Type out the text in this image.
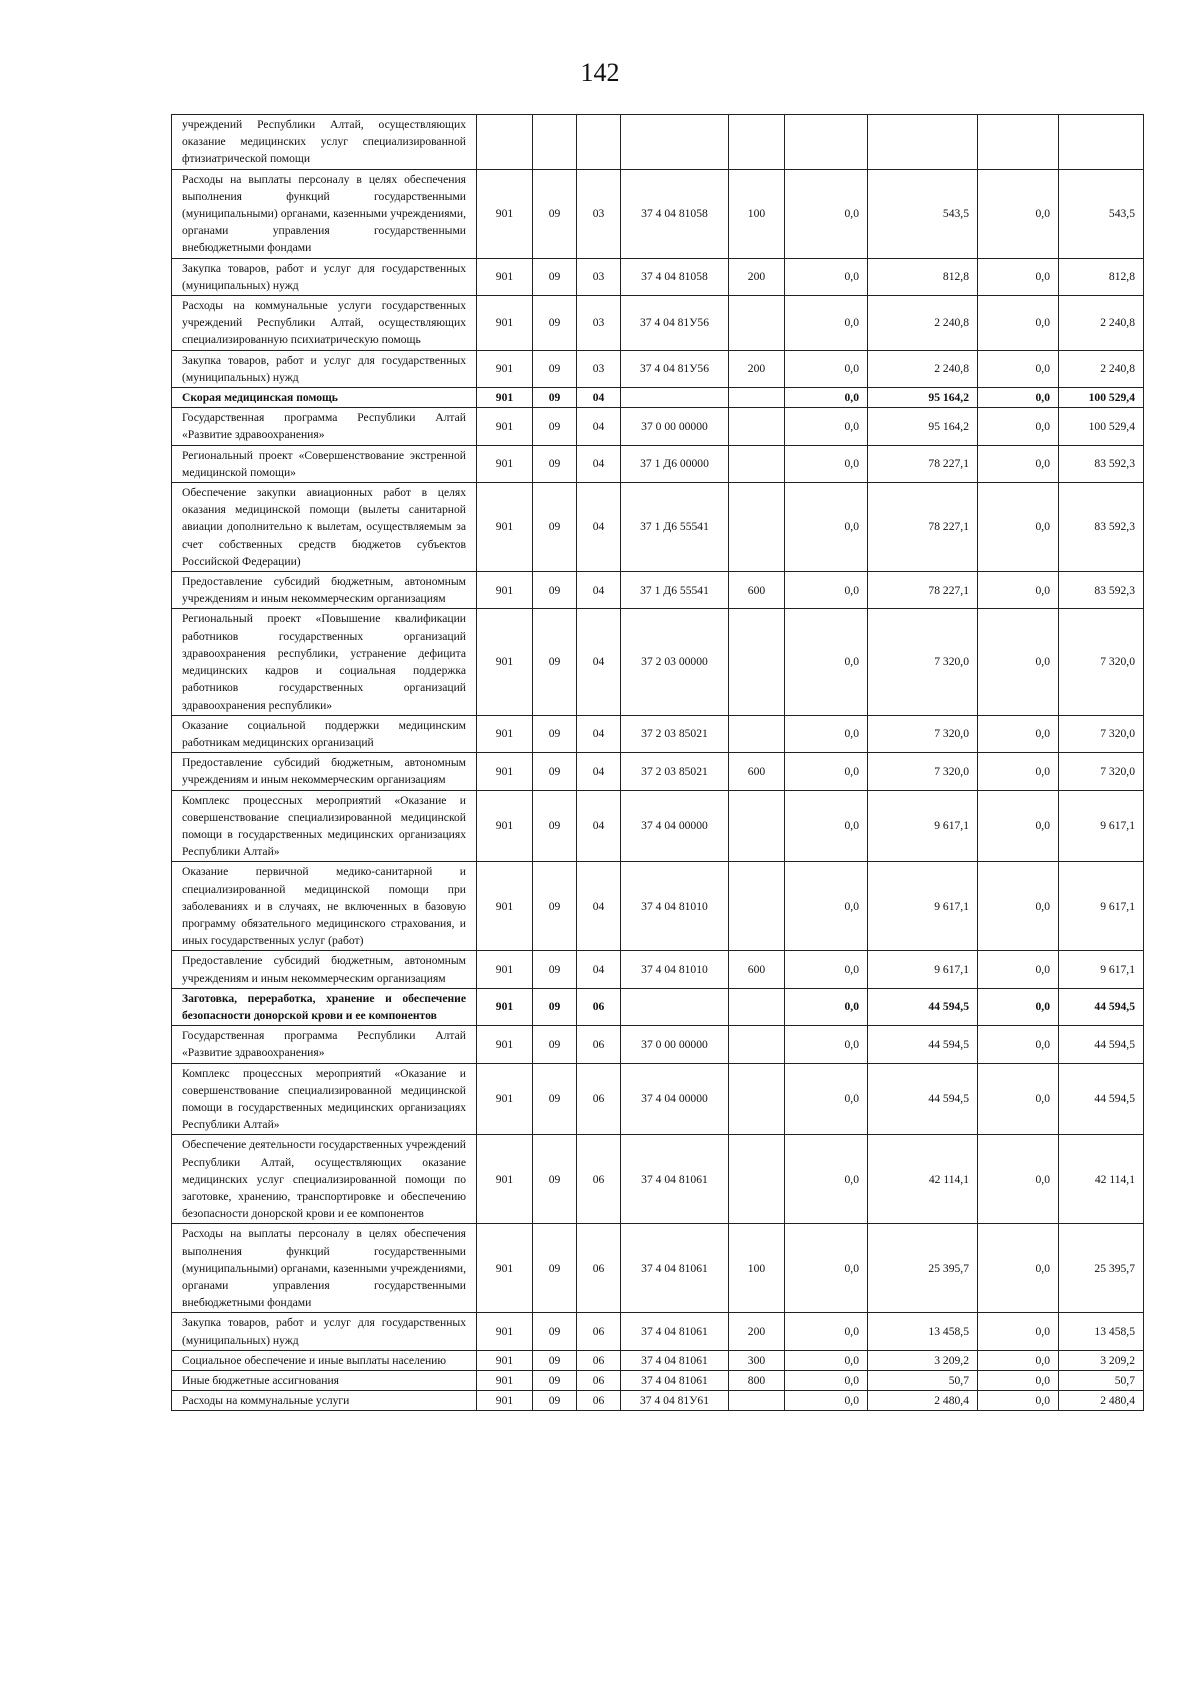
142
учреждений Республики Алтай, осуществляющих оказание медицинских услуг специализированной фтизиатрической помощи									
Расходы на выплаты персоналу в целях обеспечения выполнения функций государственными (муниципальными) органами, казенными учреждениями, органами управления государственными внебюджетными фондами	901	09	03	37 4 04 81058	100	0,0	543,5	0,0	543,5
Закупка товаров, работ и услуг для государственных (муниципальных) нужд	901	09	03	37 4 04 81058	200	0,0	812,8	0,0	812,8
Расходы на коммунальные услуги государственных учреждений Республики Алтай, осуществляющих специализированную психиатрическую помощь	901	09	03	37 4 04 81У56		0,0	2 240,8	0,0	2 240,8
Закупка товаров, работ и услуг для государственных (муниципальных) нужд	901	09	03	37 4 04 81У56	200	0,0	2 240,8	0,0	2 240,8
Скорая медицинская помощь	901	09	04			0,0	95 164,2	0,0	100 529,4
Государственная программа Республики Алтай «Развитие здравоохранения»	901	09	04	37 0 00 00000		0,0	95 164,2	0,0	100 529,4
Региональный проект «Совершенствование экстренной медицинской помощи»	901	09	04	37 1 Д6 00000		0,0	78 227,1	0,0	83 592,3
Обеспечение закупки авиационных работ в целях оказания медицинской помощи (вылеты санитарной авиации дополнительно к вылетам, осуществляемым за счет собственных средств бюджетов субъектов Российской Федерации)	901	09	04	37 1 Д6 55541		0,0	78 227,1	0,0	83 592,3
Предоставление субсидий бюджетным, автономным учреждениям и иным некоммерческим организациям	901	09	04	37 1 Д6 55541	600	0,0	78 227,1	0,0	83 592,3
Региональный проект «Повышение квалификации работников государственных организаций здравоохранения республики, устранение дефицита медицинских кадров и социальная поддержка работников государственных организаций здравоохранения республики»	901	09	04	37 2 03 00000		0,0	7 320,0	0,0	7 320,0
Оказание социальной поддержки медицинским работникам медицинских организаций	901	09	04	37 2 03 85021		0,0	7 320,0	0,0	7 320,0
Предоставление субсидий бюджетным, автономным учреждениям и иным некоммерческим организациям	901	09	04	37 2 03 85021	600	0,0	7 320,0	0,0	7 320,0
Комплекс процессных мероприятий «Оказание и совершенствование специализированной медицинской помощи в государственных медицинских организациях Республики Алтай»	901	09	04	37 4 04 00000		0,0	9 617,1	0,0	9 617,1
Оказание первичной медико-санитарной и специализированной медицинской помощи при заболеваниях и в случаях, не включенных в базовую программу обязательного медицинского страхования, и иных государственных услуг (работ)	901	09	04	37 4 04 81010		0,0	9 617,1	0,0	9 617,1
Предоставление субсидий бюджетным, автономным учреждениям и иным некоммерческим организациям	901	09	04	37 4 04 81010	600	0,0	9 617,1	0,0	9 617,1
Заготовка, переработка, хранение и обеспечение безопасности донорской крови и ее компонентов	901	09	06			0,0	44 594,5	0,0	44 594,5
Государственная программа Республики Алтай «Развитие здравоохранения»	901	09	06	37 0 00 00000		0,0	44 594,5	0,0	44 594,5
Комплекс процессных мероприятий «Оказание и совершенствование специализированной медицинской помощи в государственных медицинских организациях Республики Алтай»	901	09	06	37 4 04 00000		0,0	44 594,5	0,0	44 594,5
Обеспечение деятельности государственных учреждений Республики Алтай, осуществляющих оказание медицинских услуг специализированной помощи по заготовке, хранению, транспортировке и обеспечению безопасности донорской крови и ее компонентов	901	09	06	37 4 04 81061		0,0	42 114,1	0,0	42 114,1
Расходы на выплаты персоналу в целях обеспечения выполнения функций государственными (муниципальными) органами, казенными учреждениями, органами управления государственными внебюджетными фондами	901	09	06	37 4 04 81061	100	0,0	25 395,7	0,0	25 395,7
Закупка товаров, работ и услуг для государственных (муниципальных) нужд	901	09	06	37 4 04 81061	200	0,0	13 458,5	0,0	13 458,5
Социальное обеспечение и иные выплаты населению	901	09	06	37 4 04 81061	300	0,0	3 209,2	0,0	3 209,2
Иные бюджетные ассигнования	901	09	06	37 4 04 81061	800	0,0	50,7	0,0	50,7
Расходы на коммунальные услуги	901	09	06	37 4 04 81У61		0,0	2 480,4	0,0	2 480,4
